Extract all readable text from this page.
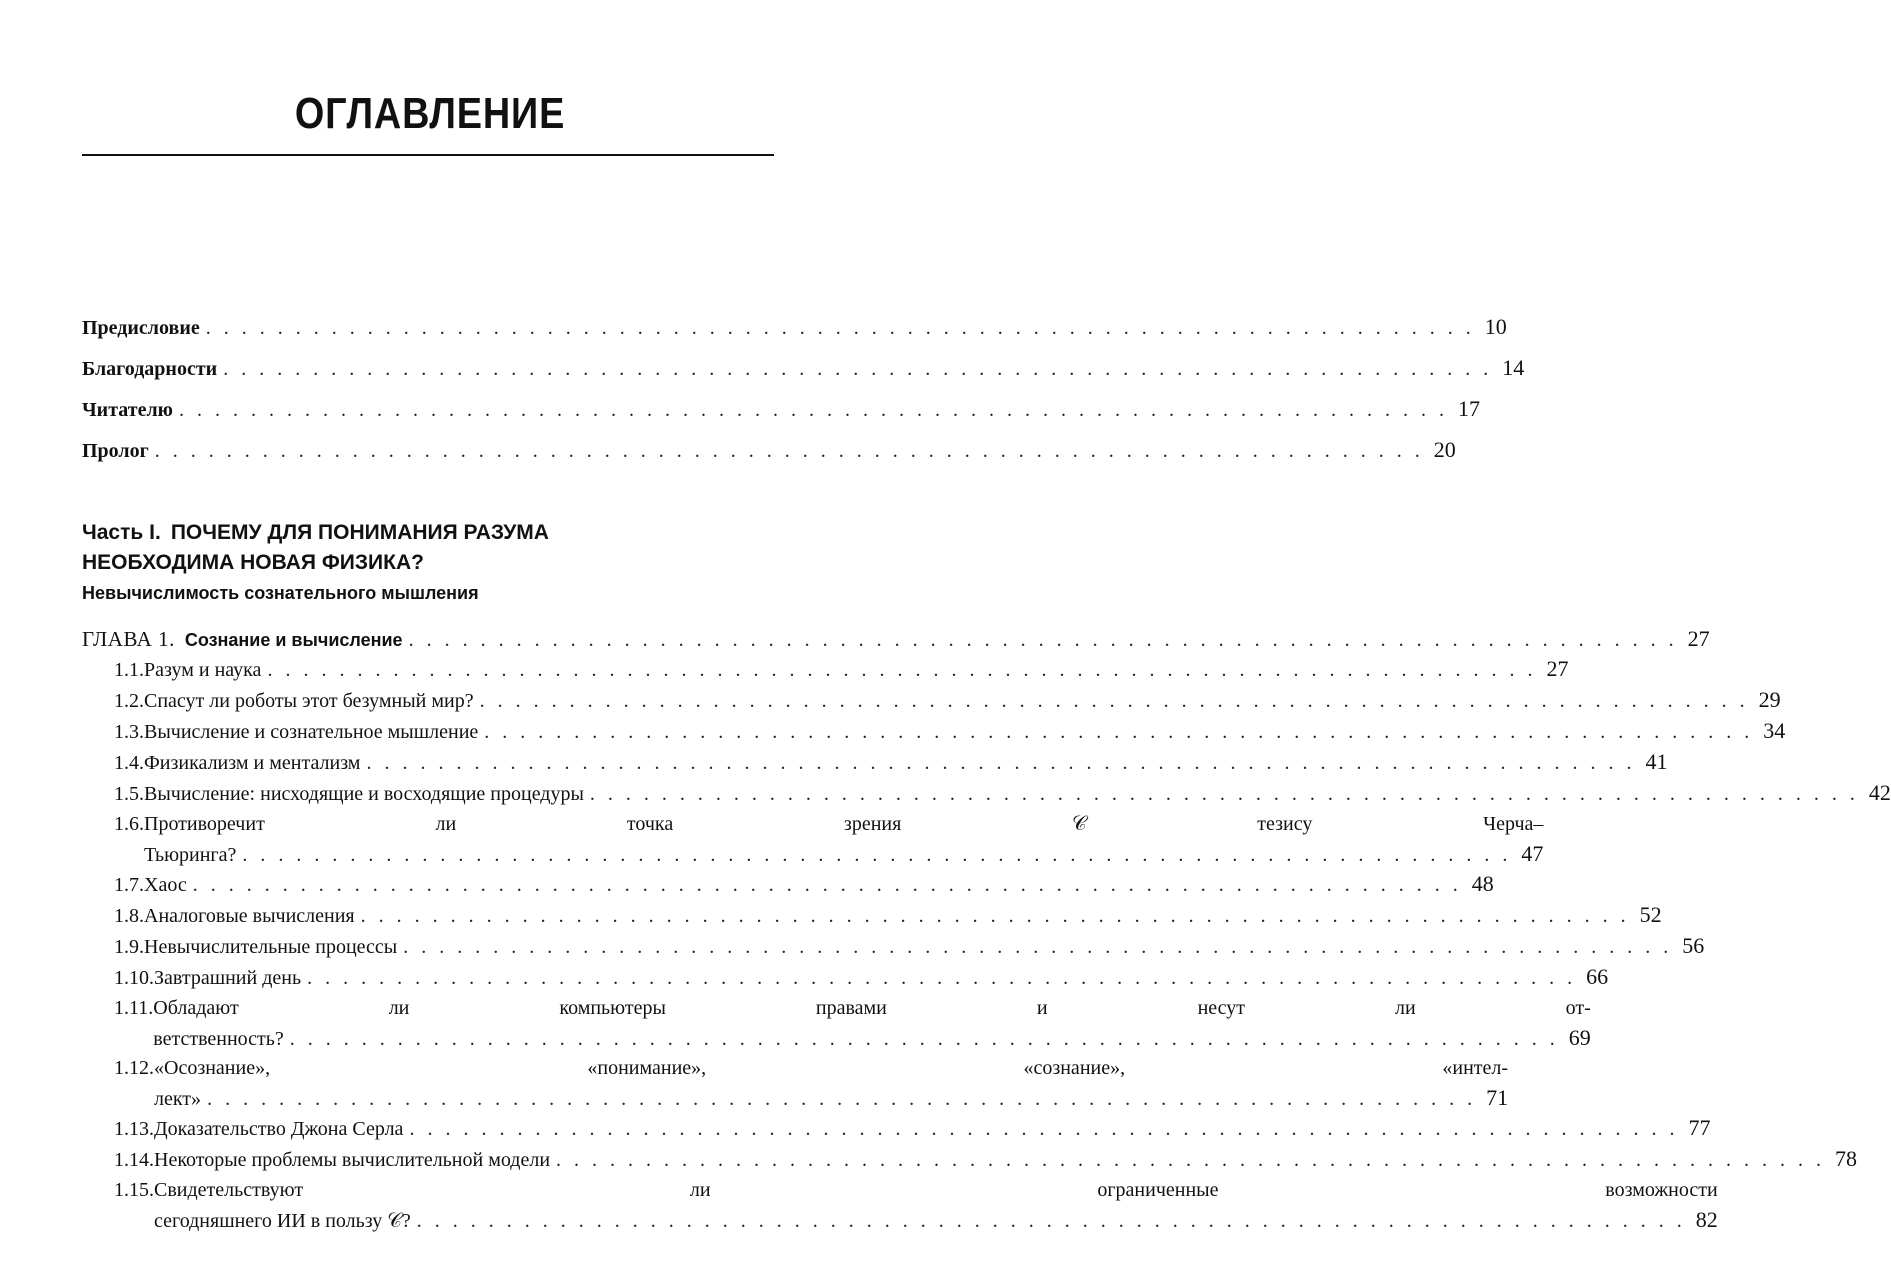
ОГЛАВЛЕНИЕ
Предисловие . . .	10
Благодарности . . .	14
Читателю . . .	17
Пролог . . .	20
Часть I. ПОЧЕМУ ДЛЯ ПОНИМАНИЯ РАЗУМА
НЕОБХОДИМА НОВАЯ ФИЗИКА?
Невычислимость сознательного мышления
ГЛАВА 1. Сознание и вычисление . . .	27
1.1. Разум и наука . . .	27
1.2. Спасут ли роботы этот безумный мир? . . .	29
1.3. Вычисление и сознательное мышление . . .	34
1.4. Физикализм и ментализм . . .	41
1.5. Вычисление: нисходящие и восходящие процедуры . . .	42
1.6. Противоречит ли точка зрения 𝒞 тезису Черча–
Тьюринга? . . .	47
1.7. Хаос . . .	48
1.8. Аналоговые вычисления . . .	52
1.9. Невычислительные процессы . . .	56
1.10. Завтрашний день . . .	66
1.11. Обладают ли компьютеры правами и несут ли от-
ветственность? . . .	69
1.12. «Осознание», «понимание», «сознание», «интел-
лект» . . .	71
1.13. Доказательство Джона Серла . . .	77
1.14. Некоторые проблемы вычислительной модели . . .	78
1.15. Свидетельствуют ли ограниченные возможности
сегодняшнего ИИ в пользу 𝒞? . . .	82
